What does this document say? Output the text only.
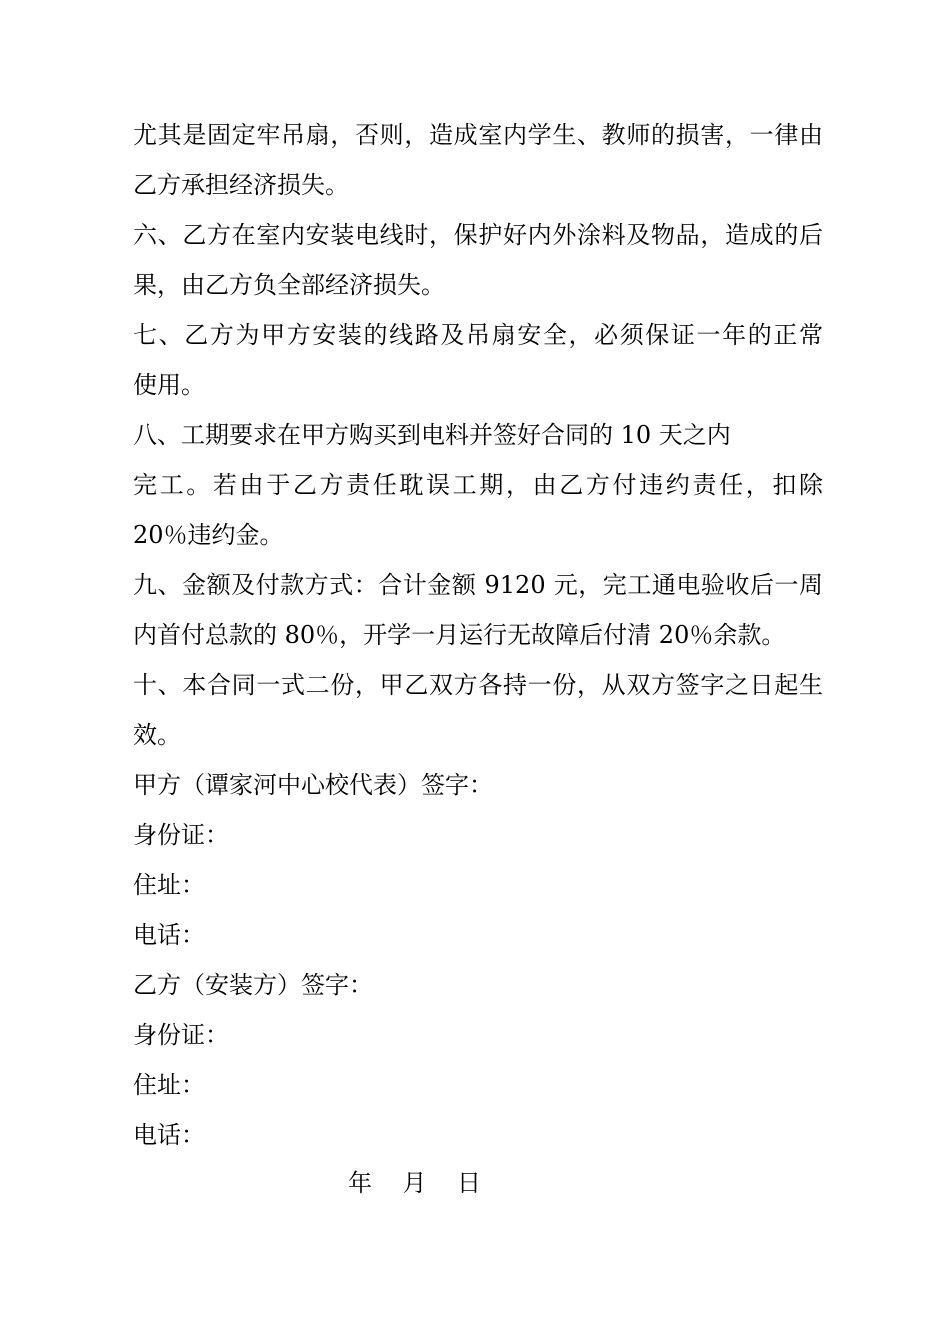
尤其是固定牢吊扇，否则，造成室内学生、教师的损害，一律由
乙方承担经济损失。
六、乙方在室内安装电线时，保护好内外涂料及物品，造成的后
果，由乙方负全部经济损失。
七、乙方为甲方安装的线路及吊扇安全，必须保证一年的正常
使用。
八、工期要求在甲方购买到电料并签好合同的 10 天之内
完工。若由于乙方责任耽误工期，由乙方付违约责任，扣除
20％违约金。
九、金额及付款方式：合计金额 9120 元，完工通电验收后一周
内首付总款的 80％，开学一月运行无故障后付清 20％余款。
十、本合同一式二份，甲乙双方各持一份，从双方签字之日起生
效。
甲方（谭家河中心校代表）签字：
身份证：
住址：
电话：
乙方（安装方）签字：
身份证：
住址：
电话：
年    月    日
